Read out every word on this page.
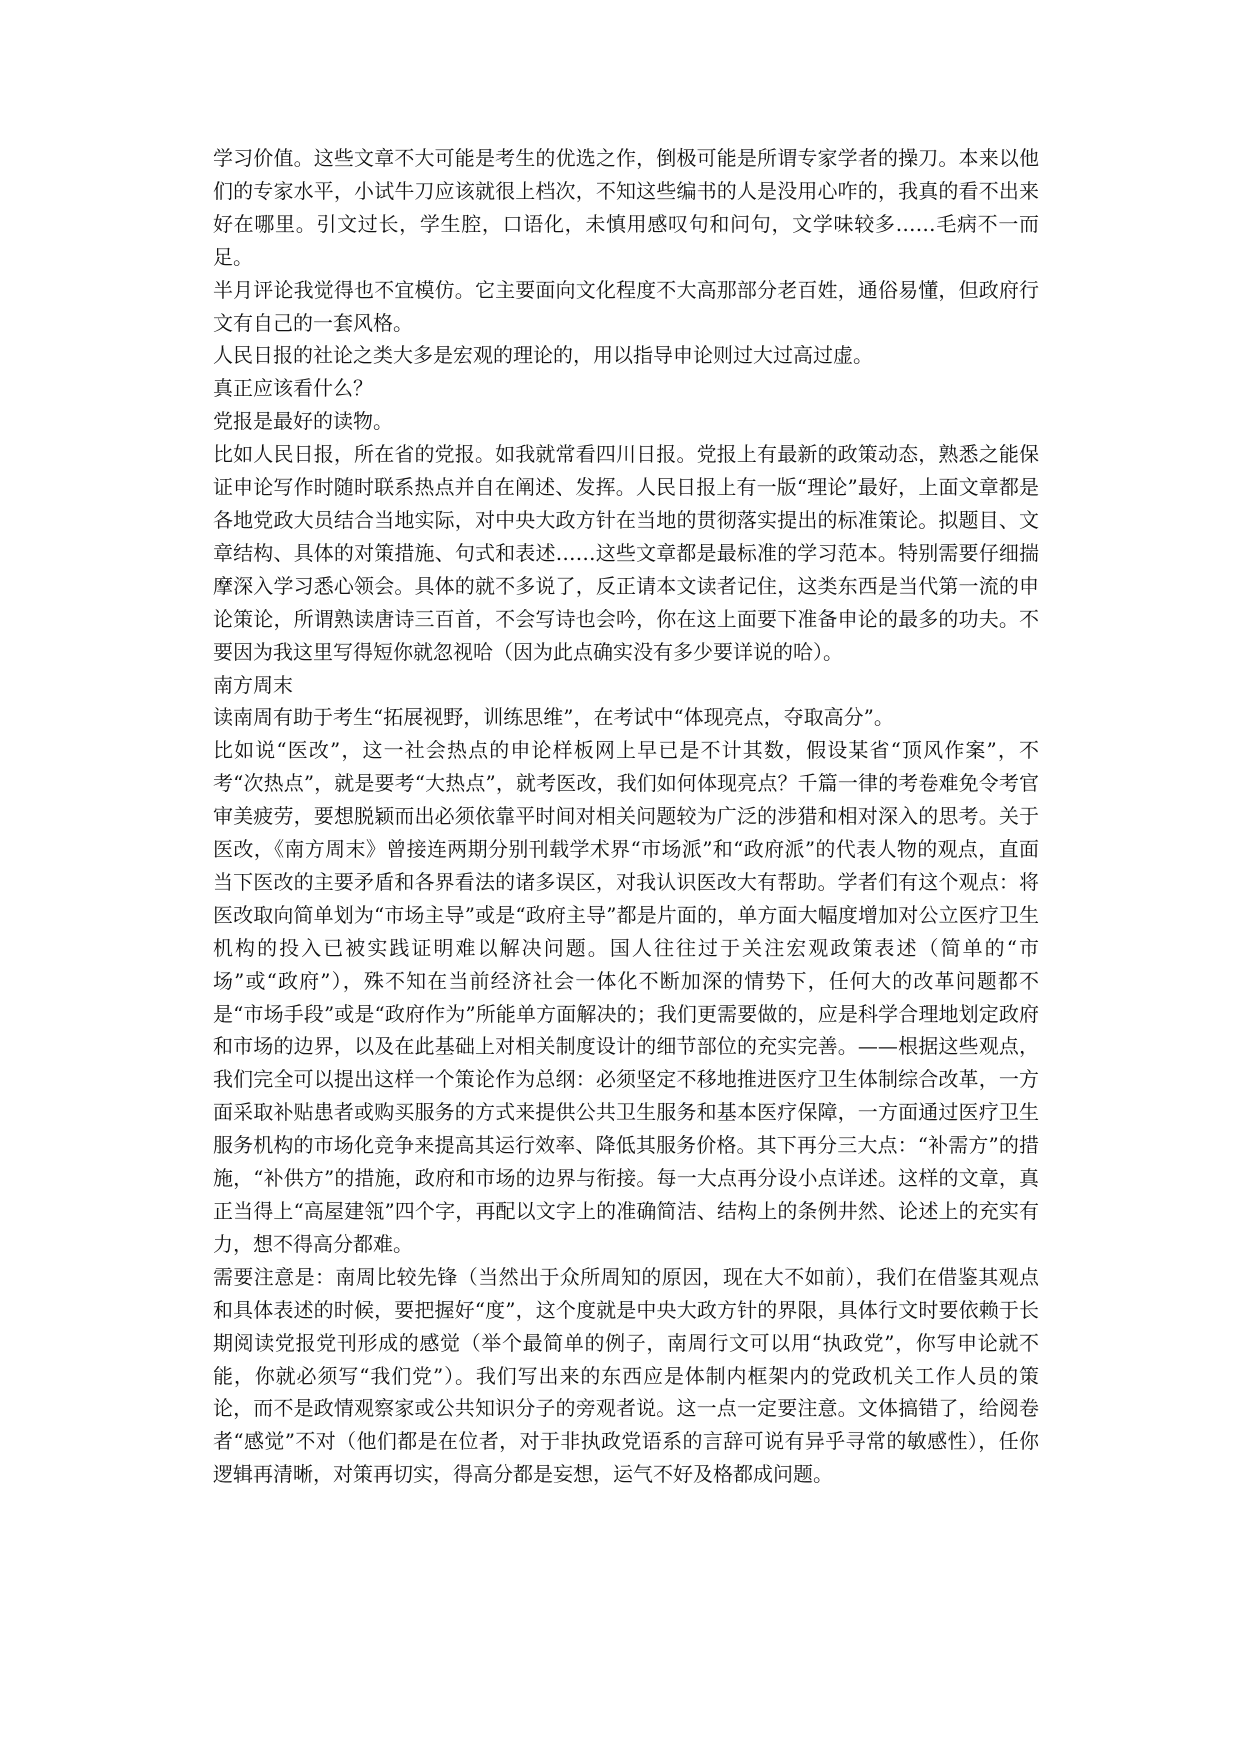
学习价值。这些文章不大可能是考生的优选之作，倒极可能是所谓专家学者的操刀。本来以他们的专家水平，小试牛刀应该就很上档次，不知这些编书的人是没用心咋的，我真的看不出来好在哪里。引文过长，学生腔，口语化，未慎用感叹句和问句，文学味较多……毛病不一而足。

半月评论我觉得也不宜模仿。它主要面向文化程度不大高那部分老百姓，通俗易懂，但政府行文有自己的一套风格。

人民日报的社论之类大多是宏观的理论的，用以指导申论则过大过高过虚。

真正应该看什么？

党报是最好的读物。

比如人民日报，所在省的党报。如我就常看四川日报。党报上有最新的政策动态，熟悉之能保证申论写作时随时联系热点并自在阐述、发挥。人民日报上有一版“理论”最好，上面文章都是各地党政大员结合当地实际，对中央大政方针在当地的贯彻落实提出的标准策论。拟题目、文章结构、具体的对策措施、句式和表述……这些文章都是最标准的学习范本。特别需要仔细揣摩深入学习悉心领会。具体的就不多说了，反正请本文读者记住，这类东西是当代第一流的申论策论，所谓熟读唐诗三百首，不会写诗也会吟，你在这上面要下准备申论的最多的功夫。不要因为我这里写得短你就忽视哈（因为此点确实没有多少要详说的哈）。

南方周末

读南周有助于考生“拓展视野，训练思维”，在考试中“体现亮点，夺取高分”。

比如说“医改”，这一社会热点的申论样板网上早已是不计其数，假设某省“顶风作案”，不考“次热点”，就是要考“大热点”，就考医改，我们如何体现亮点？千篇一律的考卷难免令考官审美疲劳，要想脱颖而出必须依靠平时间对相关问题较为广泛的涉猎和相对深入的思考。关于医改，《南方周末》曾接连两期分别刊载学术界“市场派”和“政府派”的代表人物的观点，直面当下医改的主要矛盾和各界看法的诸多误区，对我认识医改大有帮助。学者们有这个观点：将医改取向简单划为“市场主导”或是“政府主导”都是片面的，单方面大幅度增加对公立医疗卫生机构的投入已被实践证明难以解决问题。国人往往过于关注宏观政策表述（简单的“市场”或“政府”），殊不知在当前经济社会一体化不断加深的情势下，任何大的改革问题都不是“市场手段”或是“政府作为”所能单方面解决的；我们更需要做的，应是科学合理地划定政府和市场的边界，以及在此基础上对相关制度设计的细节部位的充实完善。——根据这些观点，我们完全可以提出这样一个策论作为总纲：必须坚定不移地推进医疗卫生体制综合改革，一方面采取补贴患者或购买服务的方式来提供公共卫生服务和基本医疗保障，一方面通过医疗卫生服务机构的市场化竞争来提高其运行效率、降低其服务价格。其下再分三大点：“补需方”的措施，“补供方”的措施，政府和市场的边界与衔接。每一大点再分设小点详述。这样的文章，真正当得上“高屋建瓴”四个字，再配以文字上的准确简洁、结构上的条例井然、论述上的充实有力，想不得高分都难。

需要注意是：南周比较先锋（当然出于众所周知的原因，现在大不如前），我们在借鉴其观点和具体表述的时候，要把握好“度”，这个度就是中央大政方针的界限，具体行文时要依赖于长期阅读党报党刊形成的感觉（举个最简单的例子，南周行文可以用“执政党”，你写申论就不能，你就必须写“我们党”）。我们写出来的东西应是体制内框架内的党政机关工作人员的策论，而不是政情观察家或公共知识分子的旁观者说。这一点一定要注意。文体搞错了，给阅卷者“感觉”不对（他们都是在位者，对于非执政党语系的言辞可说有异乎寻常的敏感性），任你逻辑再清晰，对策再切实，得高分都是妄想，运气不好及格都成问题。
